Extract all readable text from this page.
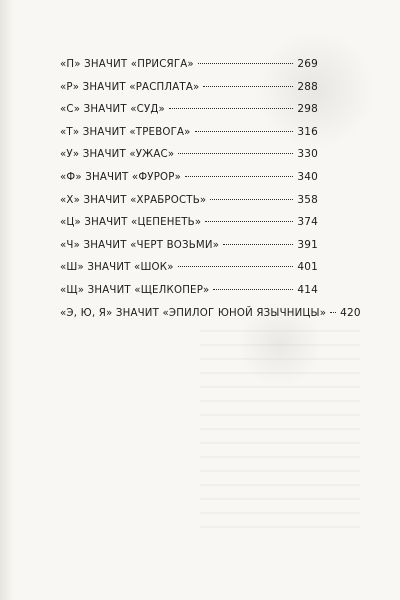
«П» ЗНАЧИТ «ПРИСЯГА»	269
«Р» ЗНАЧИТ «РАСПЛАТА»	288
«С» ЗНАЧИТ «СУД»	298
«Т» ЗНАЧИТ «ТРЕВОГА»	316
«У» ЗНАЧИТ «УЖАС»	330
«Ф» ЗНАЧИТ «ФУРОР»	340
«Х» ЗНАЧИТ «ХРАБРОСТЬ»	358
«Ц» ЗНАЧИТ «ЦЕПЕНЕТЬ»	374
«Ч» ЗНАЧИТ «ЧЕРТ ВОЗЬМИ»	391
«Ш» ЗНАЧИТ «ШОК»	401
«Щ» ЗНАЧИТ «ЩЕЛКОПЕР»	414
«Э, Ю, Я» ЗНАЧИТ «ЭПИЛОГ ЮНОЙ ЯЗЫЧНИЦЫ» 420
